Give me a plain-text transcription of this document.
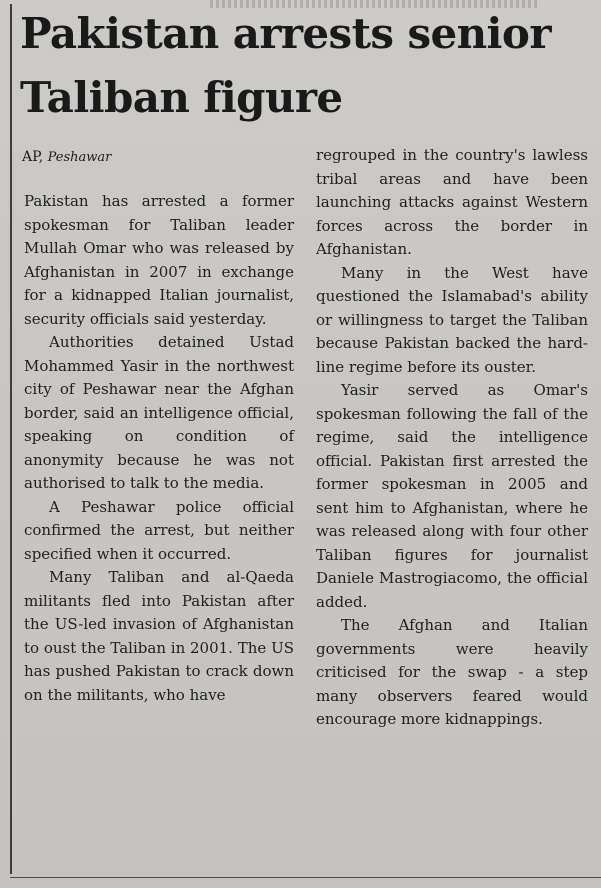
Pakistan arrests senior Taliban figure
AP, Peshawar

Pakistan has arrested a former spokesman for Taliban leader Mullah Omar who was released by Afghanistan in 2007 in exchange for a kidnapped Italian journalist, security officials said yesterday.

Authorities detained Ustad Mohammed Yasir in the northwest city of Peshawar near the Afghan border, said an intelligence official, speaking on condition of anonymity because he was not authorised to talk to the media.

A Peshawar police official confirmed the arrest, but neither specified when it occurred.

Many Taliban and al-Qaeda militants fled into Pakistan after the US-led invasion of Afghanistan to oust the Taliban in 2001. The US has pushed Pakistan to crack down on the militants, who have

regrouped in the country's lawless tribal areas and have been launching attacks against Western forces across the border in Afghanistan.

Many in the West have questioned the Islamabad's ability or willingness to target the Taliban because Pakistan backed the hard-line regime before its ouster.

Yasir served as Omar's spokesman following the fall of the regime, said the intelligence official. Pakistan first arrested the former spokesman in 2005 and sent him to Afghanistan, where he was released along with four other Taliban figures for journalist Daniele Mastrogiacomo, the official added.

The Afghan and Italian governments were heavily criticised for the swap - a step many observers feared would encourage more kidnappings.
